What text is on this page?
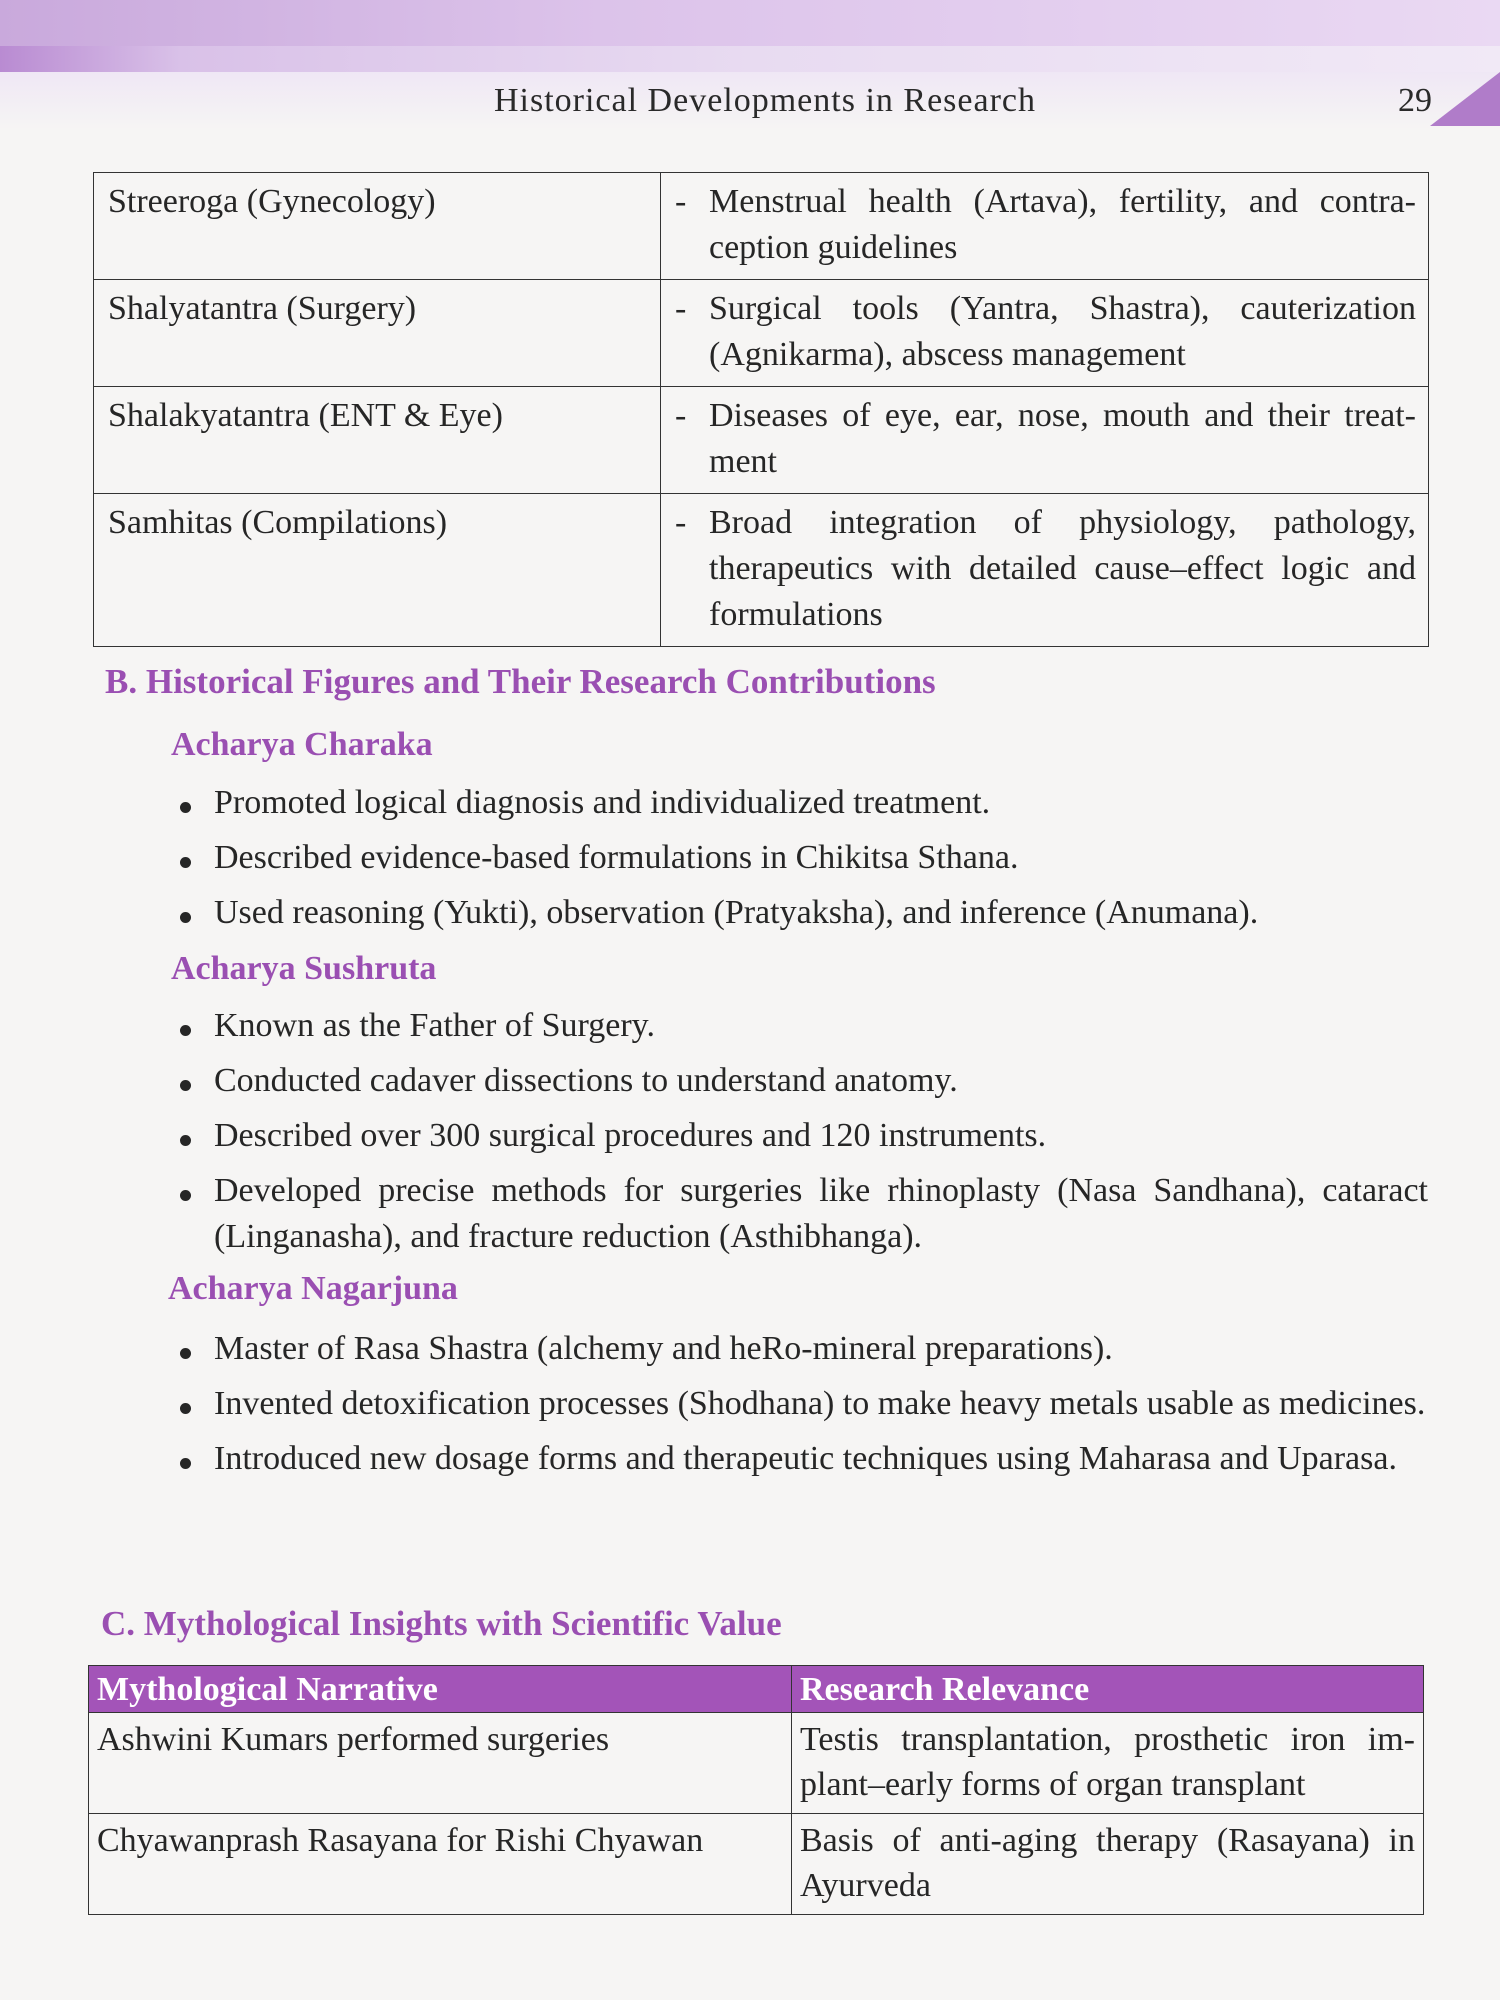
Historical Developments in Research	29
Streeroga (Gynecology)	- Menstrual health (Artava), fertility, and contra-ception guidelines

Shalyatantra (Surgery)	- Surgical tools (Yantra, Shastra), cauterization (Agnikarma), abscess management

Shalakyatantra (ENT & Eye)	- Diseases of eye, ear, nose, mouth and their treat-ment

Samhitas (Compilations)	- Broad integration of physiology, pathology, therapeutics with detailed cause–effect logic and formulations
B. Historical Figures and Their Research Contributions
Acharya Charaka
Promoted logical diagnosis and individualized treatment.
Described evidence-based formulations in Chikitsa Sthana.
Used reasoning (Yukti), observation (Pratyaksha), and inference (Anumana).
Acharya Sushruta
Known as the Father of Surgery.
Conducted cadaver dissections to understand anatomy.
Described over 300 surgical procedures and 120 instruments.
Developed precise methods for surgeries like rhinoplasty (Nasa Sandhana), cataract (Linganasha), and fracture reduction (Asthibhanga).
Acharya Nagarjuna
Master of Rasa Shastra (alchemy and heRo-mineral preparations).
Invented detoxification processes (Shodhana) to make heavy metals usable as medicines.
Introduced new dosage forms and therapeutic techniques using Maharasa and Uparasa.
C. Mythological Insights with Scientific Value
Mythological Narrative	Research Relevance
Ashwini Kumars performed surgeries	Testis transplantation, prosthetic iron im-plant–early forms of organ transplant
Chyawanprash Rasayana for Rishi Chyawan	Basis of anti-aging therapy (Rasayana) in Ayurveda
